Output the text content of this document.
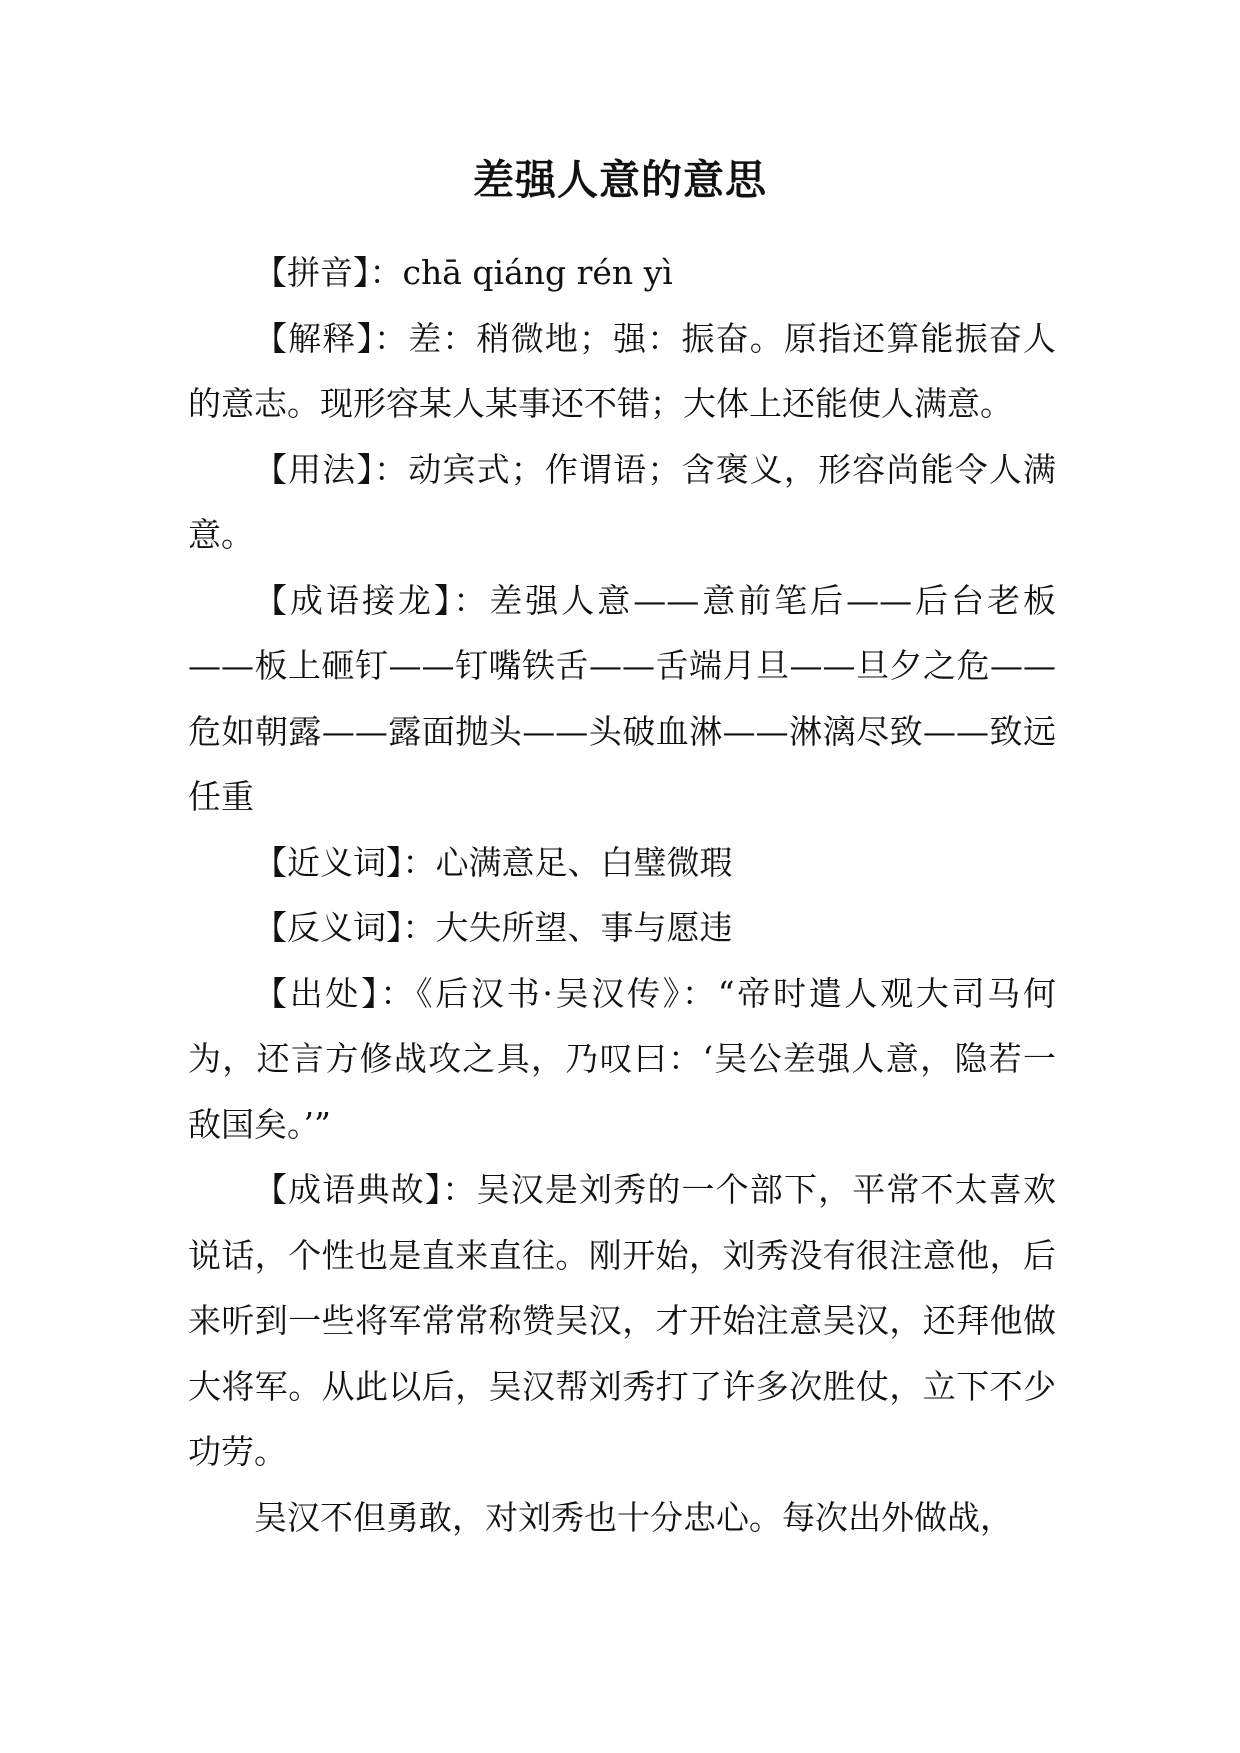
差强人意的意思

【拼音】：chā qiáng rén yì

【解释】：差：稍微地；强：振奋。原指还算能振奋人的意志。现形容某人某事还不错；大体上还能使人满意。

【用法】：动宾式；作谓语；含褒义，形容尚能令人满意。

【成语接龙】：差强人意——意前笔后——后台老板——板上砸钉——钉嘴铁舌——舌端月旦——旦夕之危——危如朝露——露面抛头——头破血淋——淋漓尽致——致远任重

【近义词】：心满意足、白璧微瑕

【反义词】：大失所望、事与愿违

【出处】：《后汉书·吴汉传》：“帝时遣人观大司马何为，还言方修战攻之具，乃叹曰：‘吴公差强人意，隐若一敌国矣。’”

【成语典故】：吴汉是刘秀的一个部下，平常不太喜欢说话，个性也是直来直往。刚开始，刘秀没有很注意他，后来听到一些将军常常称赞吴汉，才开始注意吴汉，还拜他做大将军。从此以后，吴汉帮刘秀打了许多次胜仗，立下不少功劳。

吴汉不但勇敢，对刘秀也十分忠心。每次出外做战，
